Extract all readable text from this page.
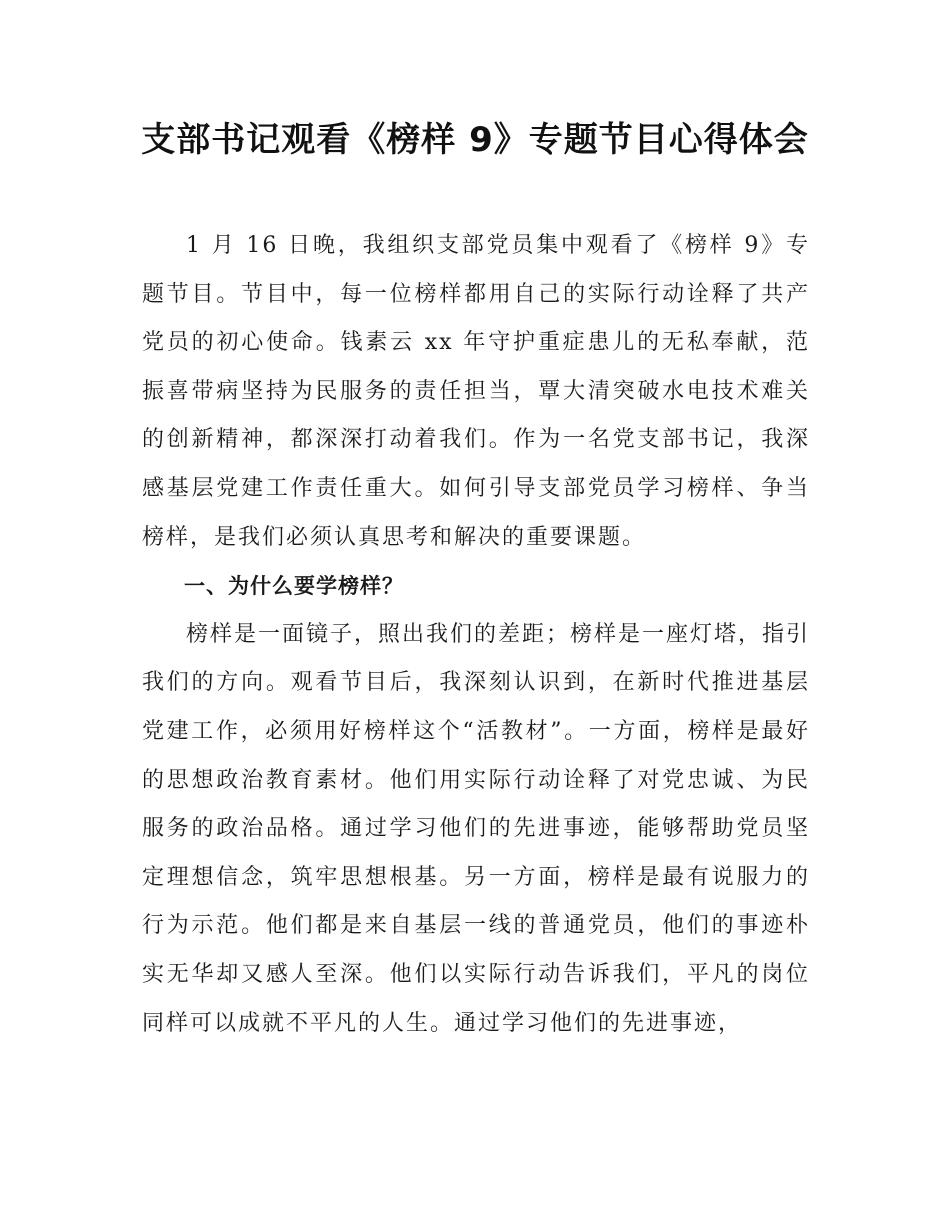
支部书记观看《榜样 9》专题节目心得体会

1 月 16 日晚，我组织支部党员集中观看了《榜样 9》专题节目。节目中，每一位榜样都用自己的实际行动诠释了共产党员的初心使命。钱素云 xx 年守护重症患儿的无私奉献，范振喜带病坚持为民服务的责任担当，覃大清突破水电技术难关的创新精神，都深深打动着我们。作为一名党支部书记，我深感基层党建工作责任重大。如何引导支部党员学习榜样、争当榜样，是我们必须认真思考和解决的重要课题。

一、为什么要学榜样？

榜样是一面镜子，照出我们的差距；榜样是一座灯塔，指引我们的方向。观看节目后，我深刻认识到，在新时代推进基层党建工作，必须用好榜样这个“活教材”。一方面，榜样是最好的思想政治教育素材。他们用实际行动诠释了对党忠诚、为民服务的政治品格。通过学习他们的先进事迹，能够帮助党员坚定理想信念，筑牢思想根基。另一方面，榜样是最有说服力的行为示范。他们都是来自基层一线的普通党员，他们的事迹朴实无华却又感人至深。他们以实际行动告诉我们，平凡的岗位同样可以成就不平凡的人生。通过学习他们的先进事迹，
